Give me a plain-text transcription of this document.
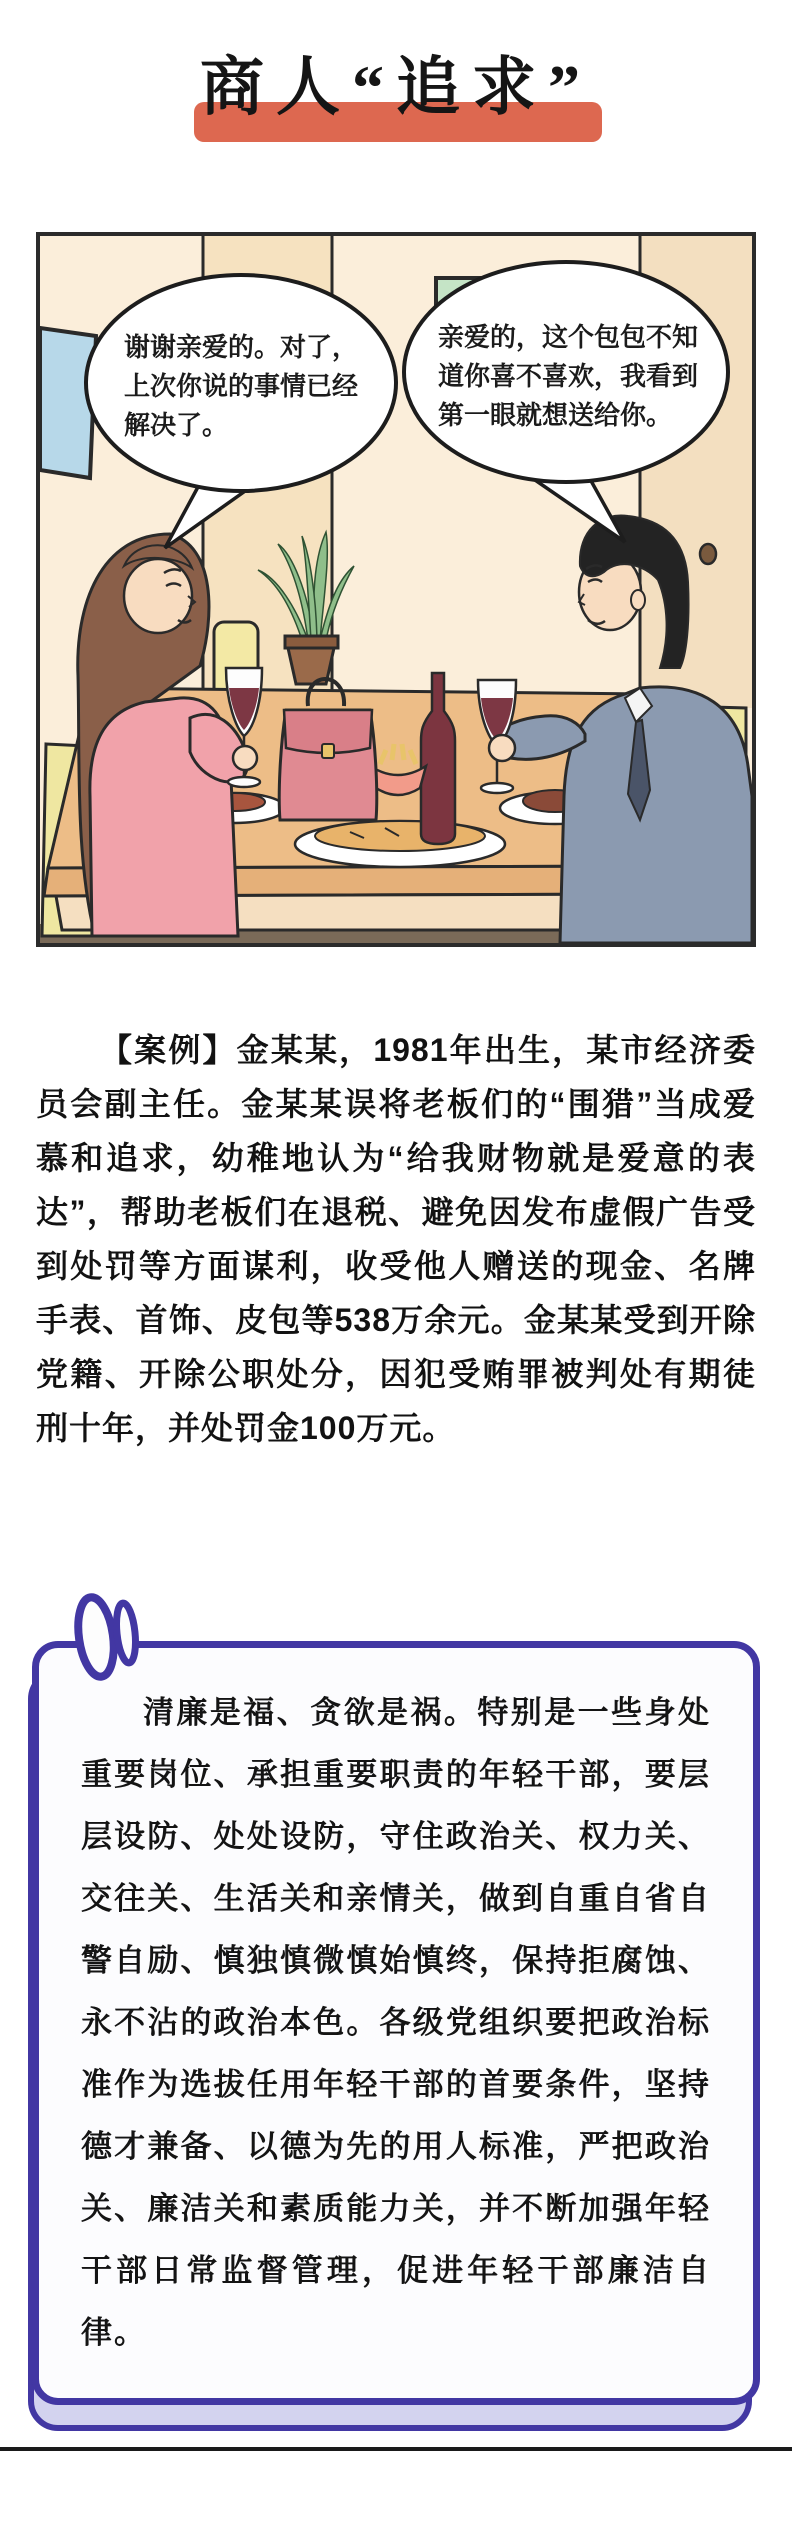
商人“追求”
谢谢亲爱的。对了，
上次你说的事情已经
解决了。
亲爱的，这个包包不知
道你喜不喜欢，我看到
第一眼就想送给你。

【案例】金某某，1981年出生，某市经济委员会副主任。金某某误将老板们的“围猎”当成爱慕和追求，幼稚地认为“给我财物就是爱意的表达”，帮助老板们在退税、避免因发布虚假广告受到处罚等方面谋利，收受他人赠送的现金、名牌手表、首饰、皮包等538万余元。金某某受到开除党籍、开除公职处分，因犯受贿罪被判处有期徒刑十年，并处罚金100万元。

清廉是福、贪欲是祸。特别是一些身处重要岗位、承担重要职责的年轻干部，要层层设防、处处设防，守住政治关、权力关、交往关、生活关和亲情关，做到自重自省自警自励、慎独慎微慎始慎终，保持拒腐蚀、永不沾的政治本色。各级党组织要把政治标准作为选拔任用年轻干部的首要条件，坚持德才兼备、以德为先的用人标准，严把政治关、廉洁关和素质能力关，并不断加强年轻干部日常监督管理，促进年轻干部廉洁自律。
